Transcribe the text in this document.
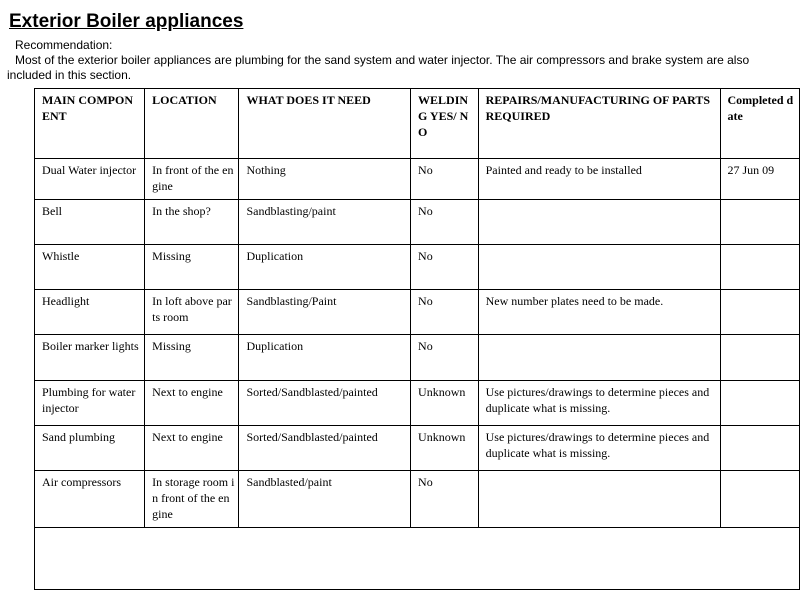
Exterior Boiler appliances
Recommendation:
Most of the exterior boiler appliances are plumbing for the sand system and water injector. The air compressors and brake system are also included in this section.
MAIN COMPONENT	LOCATION	WHAT DOES IT NEED	WELDING YES/ NO	REPAIRS/MANUFACTURING OF PARTS REQUIRED	Completed date
Dual Water injector	In front of the engine	Nothing	No	Painted and ready to be installed	27 Jun 09
Bell	In the shop?	Sandblasting/paint	No		
Whistle	Missing	Duplication	No		
Headlight	In loft above parts room	Sandblasting/Paint	No	New number plates need to be made.	
Boiler marker lights	Missing	Duplication	No		
Plumbing for water injector	Next to engine	Sorted/Sandblasted/painted	Unknown	Use pictures/drawings to determine pieces and duplicate what is missing.	
Sand plumbing	Next to engine	Sorted/Sandblasted/painted	Unknown	Use pictures/drawings to determine pieces and duplicate what is missing.	
Air compressors	In storage room in front of the engine	Sandblasted/paint	No		
